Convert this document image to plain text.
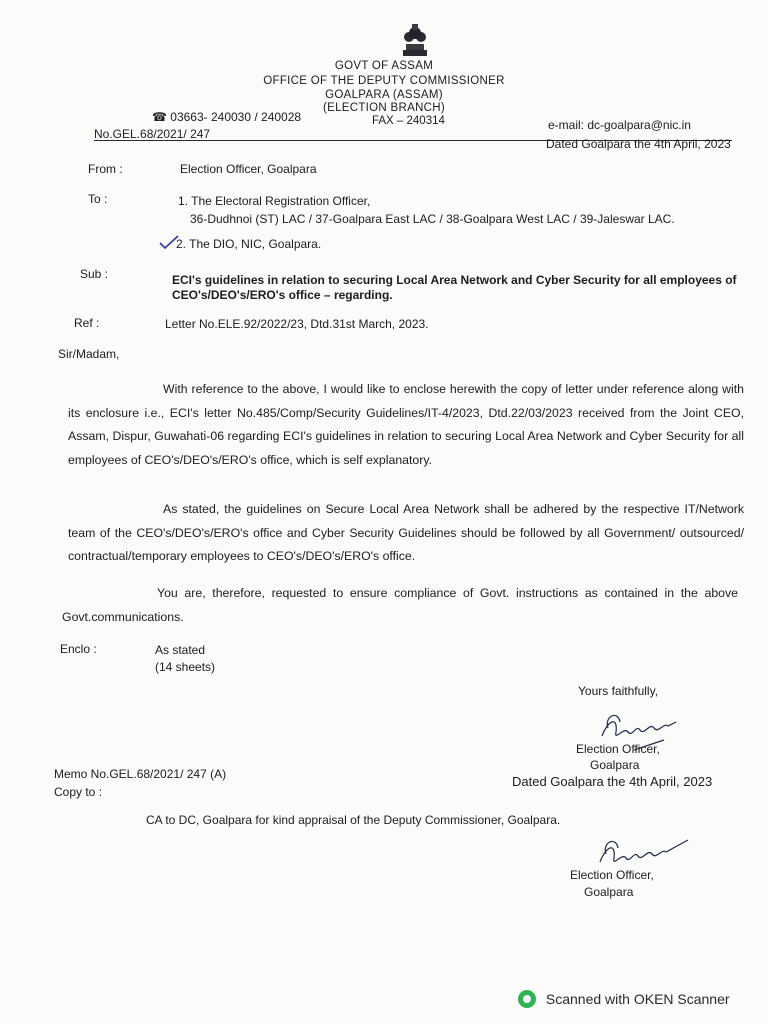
GOVT OF ASSAM
OFFICE OF THE DEPUTY COMMISSIONER
GOALPARA (ASSAM)
(ELECTION BRANCH)
☎ 03663- 240030 / 240028	FAX – 240314	e-mail: dc-goalpara@nic.in
No.GEL.68/2021/ 247
Dated Goalpara the 4th April, 2023
From :	Election Officer, Goalpara
To :	1. The Electoral Registration Officer,
36-Dudhnoi (ST) LAC / 37-Goalpara East LAC / 38-Goalpara West LAC / 39-Jaleswar LAC.
2. The DIO, NIC, Goalpara.
Sub :	ECI's guidelines in relation to securing Local Area Network and Cyber Security for all employees of
CEO's/DEO's/ERO's office – regarding.
Ref :	Letter No.ELE.92/2022/23, Dtd.31st March, 2023.
Sir/Madam,
With reference to the above, I would like to enclose herewith the copy of letter under reference along with its enclosure i.e., ECI's letter No.485/Comp/Security Guidelines/IT-4/2023, Dtd.22/03/2023 received from the Joint CEO, Assam, Dispur, Guwahati-06 regarding ECI's guidelines in relation to securing Local Area Network and Cyber Security for all employees of CEO's/DEO's/ERO's office, which is self explanatory.
As stated, the guidelines on Secure Local Area Network shall be adhered by the respective IT/Network team of the CEO's/DEO's/ERO's office and Cyber Security Guidelines should be followed by all Government/ outsourced/ contractual/temporary employees to CEO's/DEO's/ERO's office.
You are, therefore, requested to ensure compliance of Govt. instructions as contained in the above Govt.communications.
Enclo :	As stated
(14 sheets)
Yours faithfully,
Election Officer,
Goalpara
Memo No.GEL.68/2021/ 247 (A)	Dated Goalpara the 4th April, 2023
Copy to :
CA to DC, Goalpara for kind appraisal of the Deputy Commissioner, Goalpara.
Election Officer,
Goalpara
Scanned with OKEN Scanner
